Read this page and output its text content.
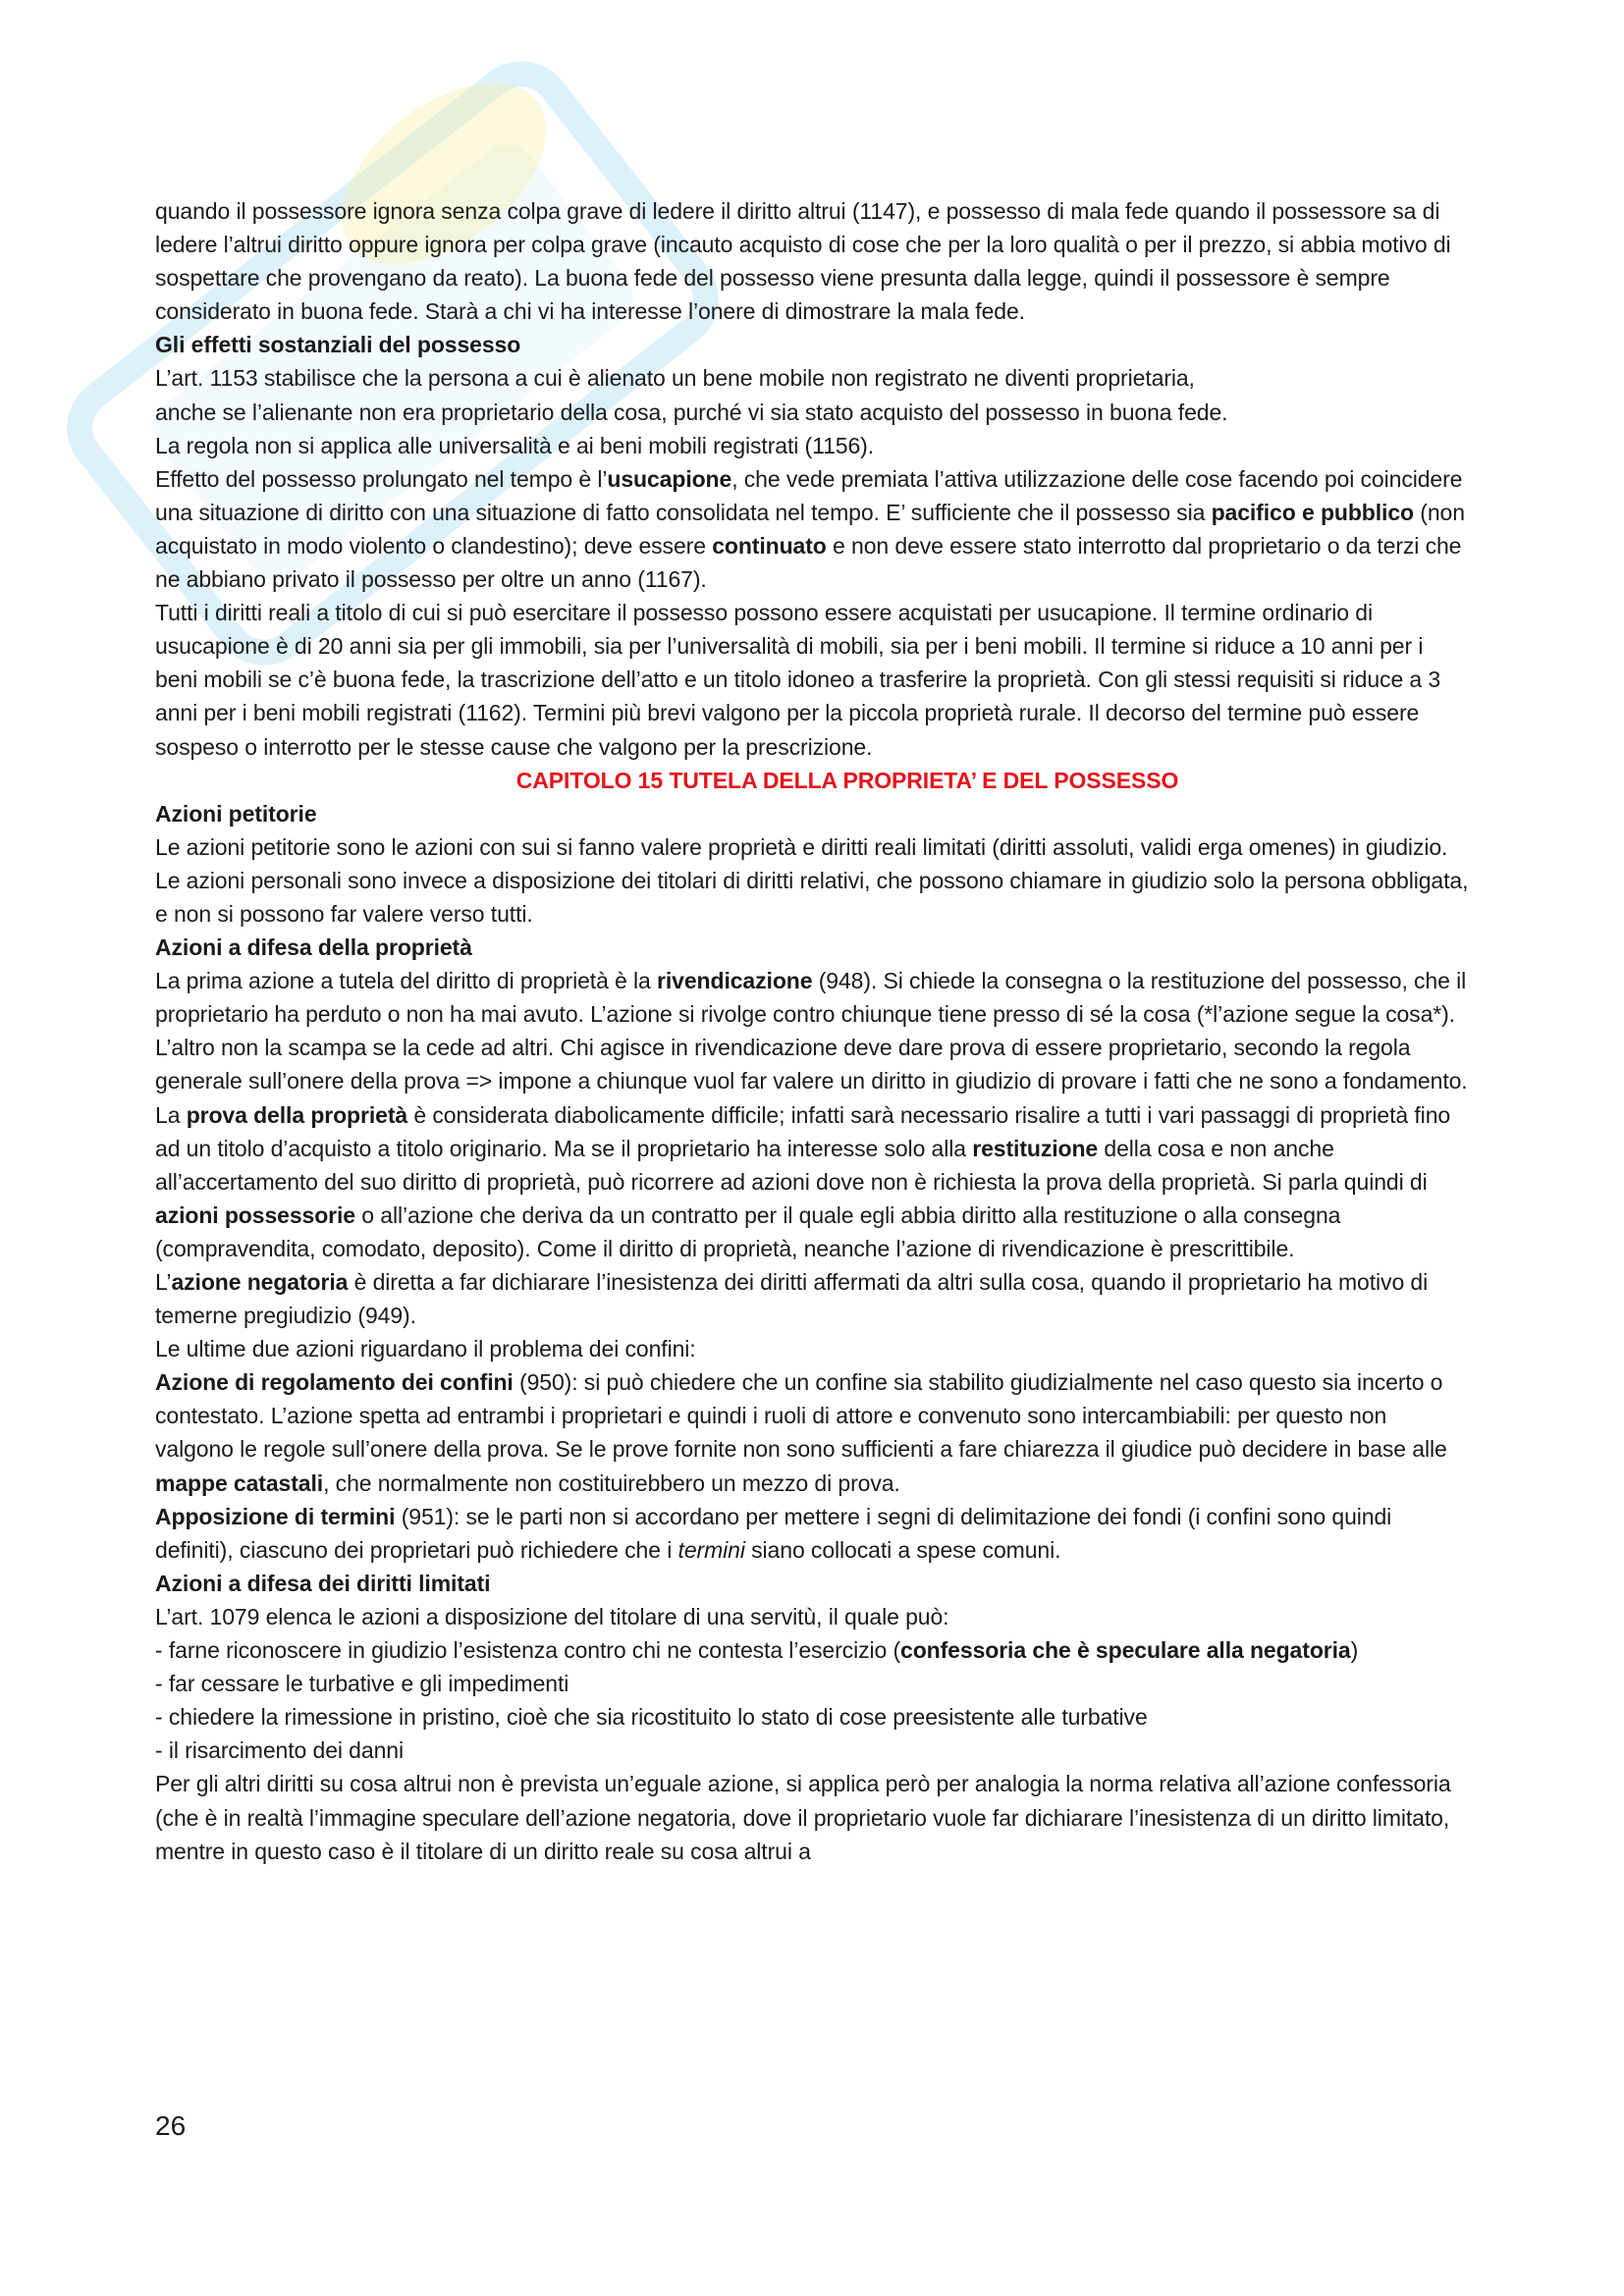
quando il possessore ignora senza colpa grave di ledere il diritto altrui (1147), e possesso di mala fede quando il possessore sa di ledere l’altrui diritto oppure ignora per colpa grave (incauto acquisto di cose che per la loro qualità o per il prezzo, si abbia motivo di sospettare che provengano da reato). La buona fede del possesso viene presunta dalla legge, quindi il possessore è sempre considerato in buona fede. Starà a chi vi ha interesse l’onere di dimostrare la mala fede.

Gli effetti sostanziali del possesso

L’art. 1153 stabilisce che la persona a cui è alienato un bene mobile non registrato ne diventi proprietaria,

anche se l’alienante non era proprietario della cosa, purché vi sia stato acquisto del possesso in buona fede.

La regola non si applica alle universalità e ai beni mobili registrati (1156).

Effetto del possesso prolungato nel tempo è l’usucapione, che vede premiata l’attiva utilizzazione delle cose facendo poi coincidere una situazione di diritto con una situazione di fatto consolidata nel tempo. E’ sufficiente che il possesso sia pacifico e pubblico (non acquistato in modo violento o clandestino); deve essere continuato e non deve essere stato interrotto dal proprietario o da terzi che ne abbiano privato il possesso per oltre un anno (1167).

Tutti i diritti reali a titolo di cui si può esercitare il possesso possono essere acquistati per usucapione. Il termine ordinario di usucapione è di 20 anni sia per gli immobili, sia per l’universalità di mobili, sia per i beni mobili. Il termine si riduce a 10 anni per i beni mobili se c’è buona fede, la trascrizione dell’atto e un titolo idoneo a trasferire la proprietà. Con gli stessi requisiti si riduce a 3 anni per i beni mobili registrati (1162). Termini più brevi valgono per la piccola proprietà rurale. Il decorso del termine può essere sospeso o interrotto per le stesse cause che valgono per la prescrizione.

CAPITOLO 15 TUTELA DELLA PROPRIETA’ E DEL POSSESSO

Azioni petitorie

Le azioni petitorie sono le azioni con sui si fanno valere proprietà e diritti reali limitati (diritti assoluti, validi erga omenes) in giudizio. Le azioni personali sono invece a disposizione dei titolari di diritti relativi, che possono chiamare in giudizio solo la persona obbligata, e non si possono far valere verso tutti.

Azioni a difesa della proprietà

La prima azione a tutela del diritto di proprietà è la rivendicazione (948). Si chiede la consegna o la restituzione del possesso, che il proprietario ha perduto o non ha mai avuto. L’azione si rivolge contro chiunque tiene presso di sé la cosa (*l’azione segue la cosa*). L’altro non la scampa se la cede ad altri. Chi agisce in rivendicazione deve dare prova di essere proprietario, secondo la regola generale sull’onere della prova => impone a chiunque vuol far valere un diritto in giudizio di provare i fatti che ne sono a fondamento.

La prova della proprietà è considerata diabolicamente difficile; infatti sarà necessario risalire a tutti i vari passaggi di proprietà fino ad un titolo d’acquisto a titolo originario. Ma se il proprietario ha interesse solo alla restituzione della cosa e non anche all’accertamento del suo diritto di proprietà, può ricorrere ad azioni dove non è richiesta la prova della proprietà. Si parla quindi di azioni possessorie o all’azione che deriva da un contratto per il quale egli abbia diritto alla restituzione o alla consegna (compravendita, comodato, deposito). Come il diritto di proprietà, neanche l’azione di rivendicazione è prescrittibile.

L’azione negatoria è diretta a far dichiarare l’inesistenza dei diritti affermati da altri sulla cosa, quando il proprietario ha motivo di temerne pregiudizio (949).

Le ultime due azioni riguardano il problema dei confini:

Azione di regolamento dei confini (950): si può chiedere che un confine sia stabilito giudizialmente nel caso questo sia incerto o contestato. L’azione spetta ad entrambi i proprietari e quindi i ruoli di attore e convenuto sono intercambiabili: per questo non valgono le regole sull’onere della prova. Se le prove fornite non sono sufficienti a fare chiarezza il giudice può decidere in base alle mappe catastali, che normalmente non costituirebbero un mezzo di prova.

Apposizione di termini (951): se le parti non si accordano per mettere i segni di delimitazione dei fondi (i confini sono quindi definiti), ciascuno dei proprietari può richiedere che i termini siano collocati a spese comuni.

Azioni a difesa dei diritti limitati

L’art. 1079 elenca le azioni a disposizione del titolare di una servitù, il quale può:

- farne riconoscere in giudizio l’esistenza contro chi ne contesta l’esercizio (confessoria che è speculare alla negatoria)

- far cessare le turbative e gli impedimenti

- chiedere la rimessione in pristino, cioè che sia ricostituito lo stato di cose preesistente alle turbative

- il risarcimento dei danni

Per gli altri diritti su cosa altrui non è prevista un’eguale azione, si applica però per analogia la norma relativa all’azione confessoria (che è in realtà l’immagine speculare dell’azione negatoria, dove il proprietario vuole far dichiarare l’inesistenza di un diritto limitato, mentre in questo caso è il titolare di un diritto reale su cosa altrui a

26
